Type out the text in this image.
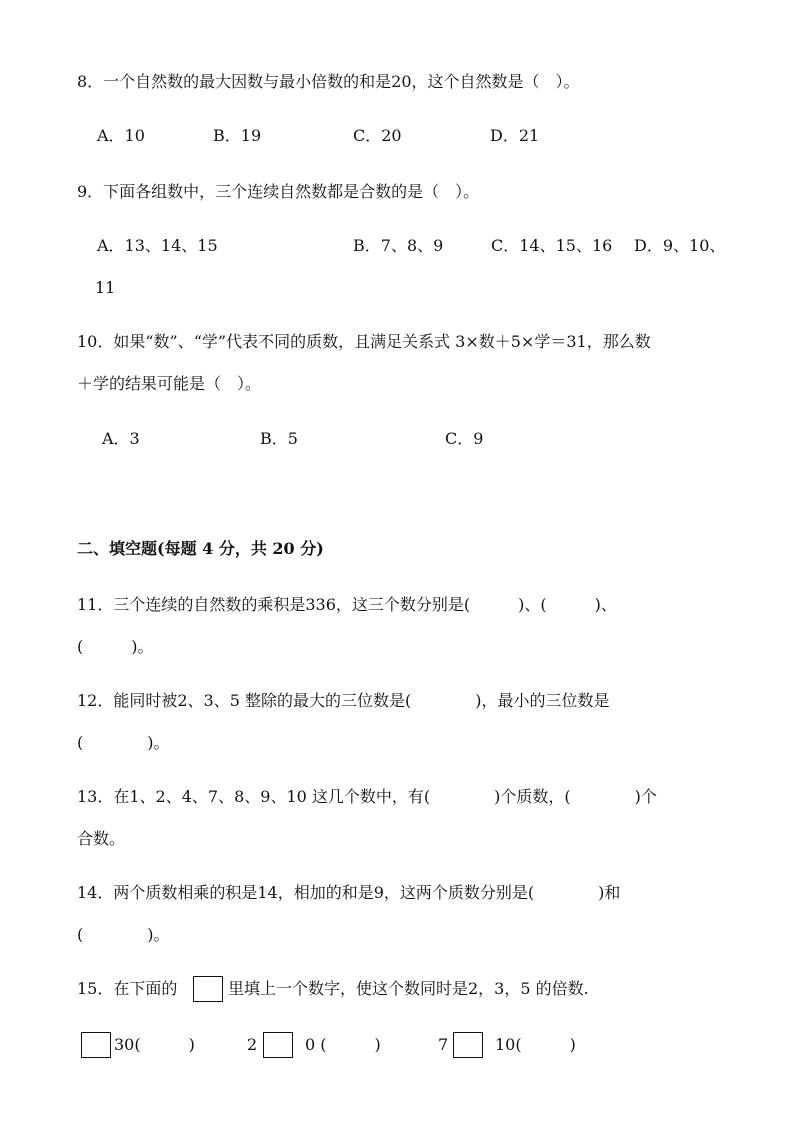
8．一个自然数的最大因数与最小倍数的和是20，这个自然数是（　）。
A．10	B．19	C．20	D．21
9．下面各组数中，三个连续自然数都是合数的是（　）。
A．13、14、15	B．7、8、9	C．14、15、16 D．9、10、
11
10．如果“数”、“学”代表不同的质数，且满足关系式 3×数＋5×学＝31，那么数
＋学的结果可能是（　）。
A．3	B．5	C．9
二、填空题(每题 4 分，共 20 分)
11．三个连续的自然数的乘积是336，这三个数分别是(　　　)、(　　　)、
(　　　)。
12．能同时被2、3、5 整除的最大的三位数是(　　　　)，最小的三位数是
(　　　　)。
13．在1、2、4、7、8、9、10 这几个数中，有(　　　　)个质数，(　　　　)个
合数。
14．两个质数相乘的积是14，相加的和是9，这两个质数分别是(　　　　)和
(　　　　)。
15．在下面的	里填上一个数字，使这个数同时是2，3，5 的倍数.
30(　　　)	2	0 (　　　)	7	10(　　　)
